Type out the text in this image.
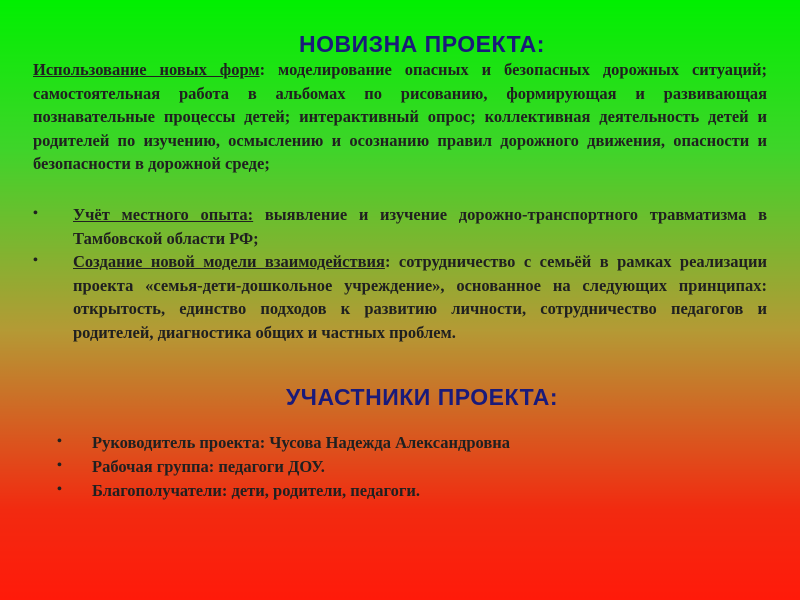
НОВИЗНА ПРОЕКТА:
Использование новых форм: моделирование опасных и безопасных дорожных ситуаций; самостоятельная работа в альбомах по рисованию, формирующая и развивающая познавательные процессы детей; интерактивный опрос; коллективная деятельность детей и родителей по изучению, осмыслению и осознанию правил дорожного движения, опасности и безопасности в дорожной среде;
• Учёт местного опыта: выявление и изучение дорожно-транспортного травматизма в Тамбовской области РФ;
• Создание новой модели взаимодействия: сотрудничество с семьёй в рамках реализации проекта «семья-дети-дошкольное учреждение», основанное на следующих принципах: открытость, единство подходов к развитию личности, сотрудничество педагогов и родителей, диагностика общих и частных проблем.
УЧАСТНИКИ ПРОЕКТА:
• Руководитель проекта: Чусова Надежда Александровна
• Рабочая группа: педагоги ДОУ.
• Благополучатели: дети, родители, педагоги.
